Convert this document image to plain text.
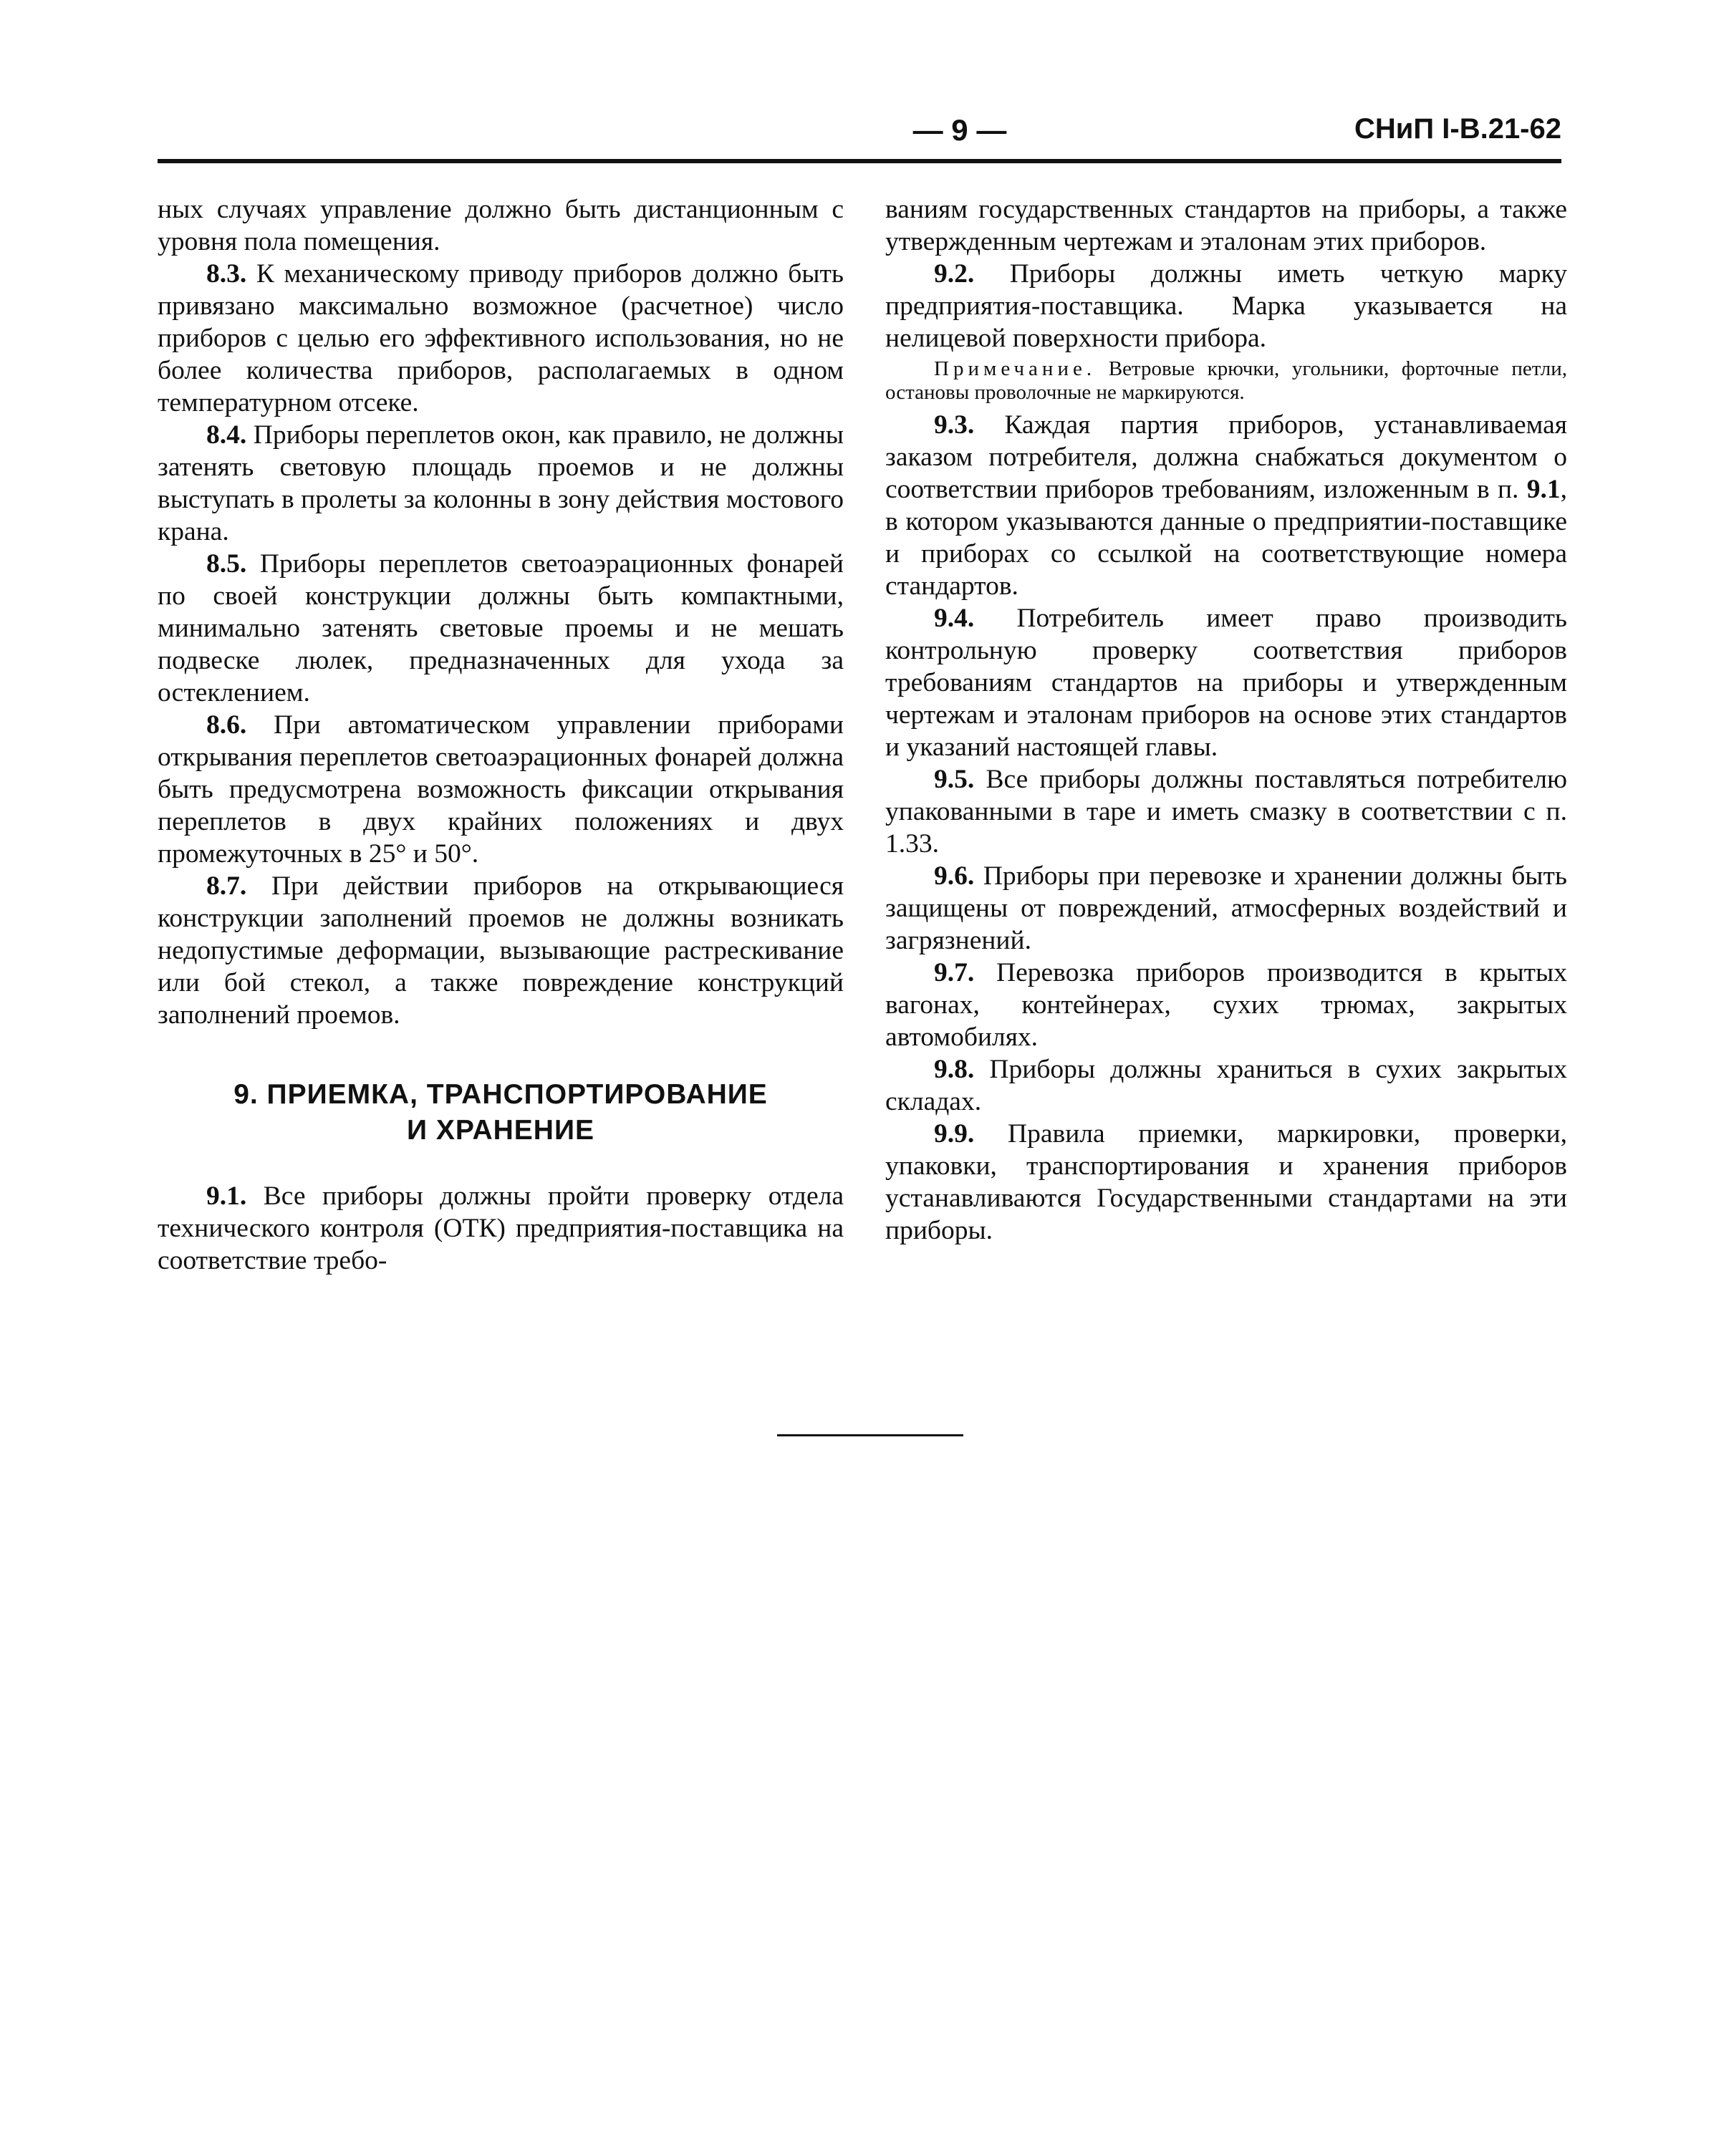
— 9 —	СНиП I-В.21-62

ных случаях управление должно быть дистанционным с уровня пола помещения.

8.3. К механическому приводу приборов должно быть привязано максимально возможное (расчетное) число приборов с целью его эффективного использования, но не более количества приборов, располагаемых в одном температурном отсеке.

8.4. Приборы переплетов окон, как правило, не должны затенять световую площадь проемов и не должны выступать в пролеты за колонны в зону действия мостового крана.

8.5. Приборы переплетов светоаэрационных фонарей по своей конструкции должны быть компактными, минимально затенять световые проемы и не мешать подвеске люлек, предназначенных для ухода за остеклением.

8.6. При автоматическом управлении приборами открывания переплетов светоаэрационных фонарей должна быть предусмотрена возможность фиксации открывания переплетов в двух крайних положениях и двух промежуточных в 25° и 50°.

8.7. При действии приборов на открывающиеся конструкции заполнений проемов не должны возникать недопустимые деформации, вызывающие растрескивание или бой стекол, а также повреждение конструкций заполнений проемов.

9. ПРИЕМКА, ТРАНСПОРТИРОВАНИЕ
И ХРАНЕНИЕ

9.1. Все приборы должны пройти проверку отдела технического контроля (ОТК) предприятия-поставщика на соответствие требо-

ваниям государственных стандартов на приборы, а также утвержденным чертежам и эталонам этих приборов.

9.2. Приборы должны иметь четкую марку предприятия-поставщика. Марка указывается на нелицевой поверхности прибора.

Примечание. Ветровые крючки, угольники, форточные петли, остановы проволочные не маркируются.

9.3. Каждая партия приборов, устанавливаемая заказом потребителя, должна снабжаться документом о соответствии приборов требованиям, изложенным в п. 9.1, в котором указываются данные о предприятии-поставщике и приборах со ссылкой на соответствующие номера стандартов.

9.4. Потребитель имеет право производить контрольную проверку соответствия приборов требованиям стандартов на приборы и утвержденным чертежам и эталонам приборов на основе этих стандартов и указаний настоящей главы.

9.5. Все приборы должны поставляться потребителю упакованными в таре и иметь смазку в соответствии с п. 1.33.

9.6. Приборы при перевозке и хранении должны быть защищены от повреждений, атмосферных воздействий и загрязнений.

9.7. Перевозка приборов производится в крытых вагонах, контейнерах, сухих трюмах, закрытых автомобилях.

9.8. Приборы должны храниться в сухих закрытых складах.

9.9. Правила приемки, маркировки, проверки, упаковки, транспортирования и хранения приборов устанавливаются Государственными стандартами на эти приборы.
